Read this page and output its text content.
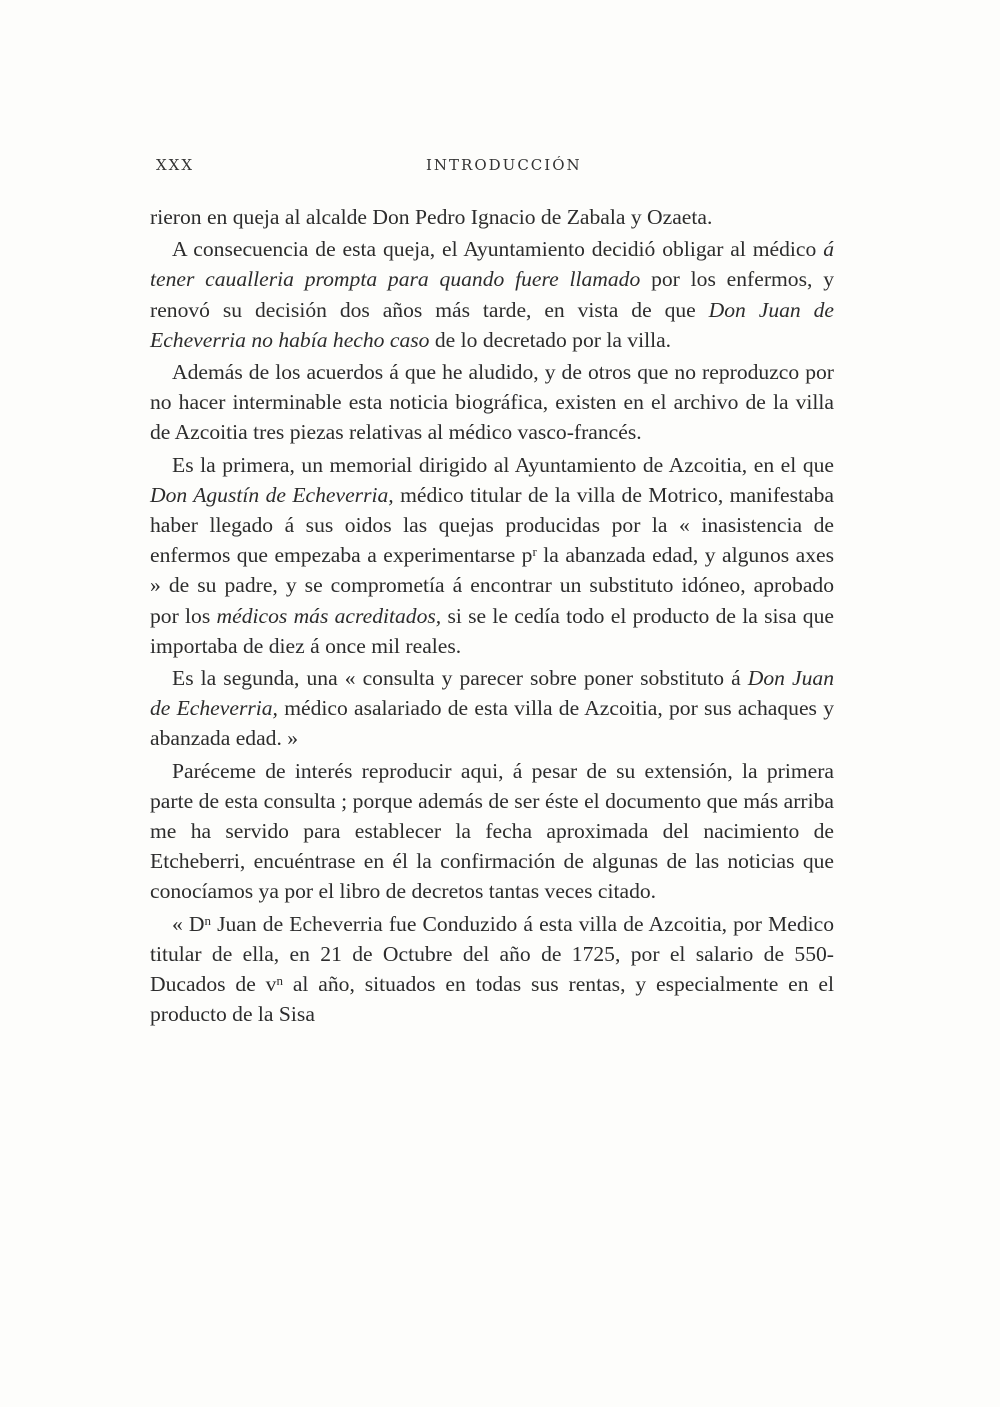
XXX	INTRODUCCIÓN

rieron en queja al alcalde Don Pedro Ignacio de Zabala y Ozaeta.

A consecuencia de esta queja, el Ayuntamiento decidió obligar al médico á tener caualleria prompta para quando fuere llamado por los enfermos, y renovó su decisión dos años más tarde, en vista de que Don Juan de Echeverria no había hecho caso de lo decretado por la villa.

Además de los acuerdos á que he aludido, y de otros que no reproduzco por no hacer interminable esta noticia biográfica, existen en el archivo de la villa de Azcoitia tres piezas relativas al médico vasco-francés.

Es la primera, un memorial dirigido al Ayuntamiento de Azcoitia, en el que Don Agustín de Echeverria, médico titular de la villa de Motrico, manifestaba haber llegado á sus oidos las quejas producidas por la « inasistencia de enfermos que empezaba a experimentarse $p^r$ la abanzada edad, y algunos axes » de su padre, y se comprometía á encontrar un substituto idóneo, aprobado por los médicos más acreditados, si se le cedía todo el producto de la sisa que importaba de diez á once mil reales.

Es la segunda, una « consulta y parecer sobre poner sobstituto á Don Juan de Echeverria, médico asalariado de esta villa de Azcoitia, por sus achaques y abanzada edad. »

Paréceme de interés reproducir aqui, á pesar de su extensión, la primera parte de esta consulta ; porque además de ser éste el documento que más arriba me ha servido para establecer la fecha aproximada del nacimiento de Etcheberri, encuéntrase en él la confirmación de algunas de las noticias que conocíamos ya por el libro de decretos tantas veces citado.

« $D^n$ Juan de Echeverria fue Conduzido á esta villa de Azcoitia, por Medico titular de ella, en 21 de Octubre del año de 1725, por el salario de 550- Ducados de $v^n$ al año, situados en todas sus rentas, y especialmente en el producto de la Sisa
